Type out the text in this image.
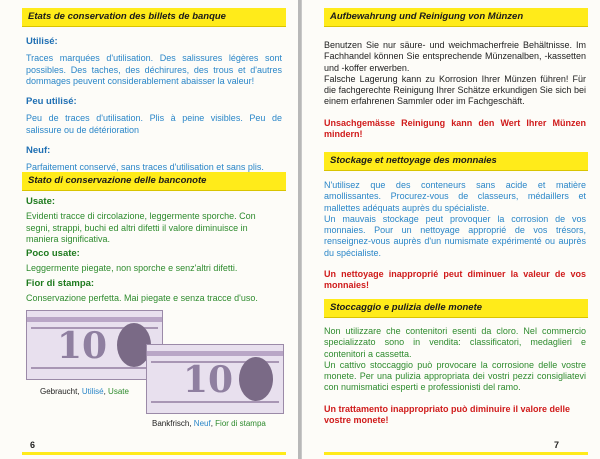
Etats de conservation des billets de banque

Utilisé:

Traces marquées d'utilisation. Des salissures légères sont possibles. Des taches, des déchirures, des trous et d'autres dommages peuvent considerablement abaisser la valeur!

Peu utilisé:

Peu de traces d'utilisation. Plis à peine visibles. Peu de salissure ou de détérioration

Neuf:

Parfaitement conservé, sans traces d'utilisation et sans plis.

Stato di conservazione delle banconote

Usate:

Evidenti tracce di circolazione, leggermente sporche. Con segni, strappi, buchi ed altri difetti il valore diminuisce in maniera significativa.

Poco usate:

Leggermente piegate, non sporche e senz'altri difetti.

Fior di stampa:

Conservazione perfetta. Mai piegate e senza tracce d'uso.

10
Gebraucht, Utilisé, Usate 10
Bankfrisch, Neuf, Fior di stampa
6
Aufbewahrung und Reinigung von Münzen

Benutzen Sie nur säure- und weichmacherfreie Behältnisse. Im Fachhandel können Sie entsprechende Münzenalben, -kassetten und -koffer erwerben.

Falsche Lagerung kann zu Korrosion Ihrer Münzen führen! Für die fachgerechte Reinigung Ihrer Schätze erkundigen Sie sich bei einem erfahrenen Sammler oder im Fachgeschäft.

Unsachgemässe Reinigung kann den Wert Ihrer Münzen mindern!

Stockage et nettoyage des monnaies

N'utilisez que des conteneurs sans acide et matière amollissantes. Procurez-vous de classeurs, médaillers et mallettes adéquats auprès du spécialiste.

Un mauvais stockage peut provoquer la corrosion de vos monnaies. Pour un nettoyage approprié de vos trésors, renseignez-vous auprès d'un numismate expérimenté ou auprès du spécialiste.

Un nettoyage inapproprié peut diminuer la valeur de vos monnaies!

Stoccaggio e pulizia delle monete

Non utilizzare che contenitori esenti da cloro. Nel commercio specializzato sono in vendita: classificatori, medaglieri e contenitori a cassetta.

Un cattivo stoccaggio può provocare la corrosione delle vostre monete. Per una pulizia appropriata dei vostri pezzi consigliatevi con numismatici esperti e professionisti del ramo.

Un trattamento inappropriato può diminuire il valore delle vostre monete!

7
